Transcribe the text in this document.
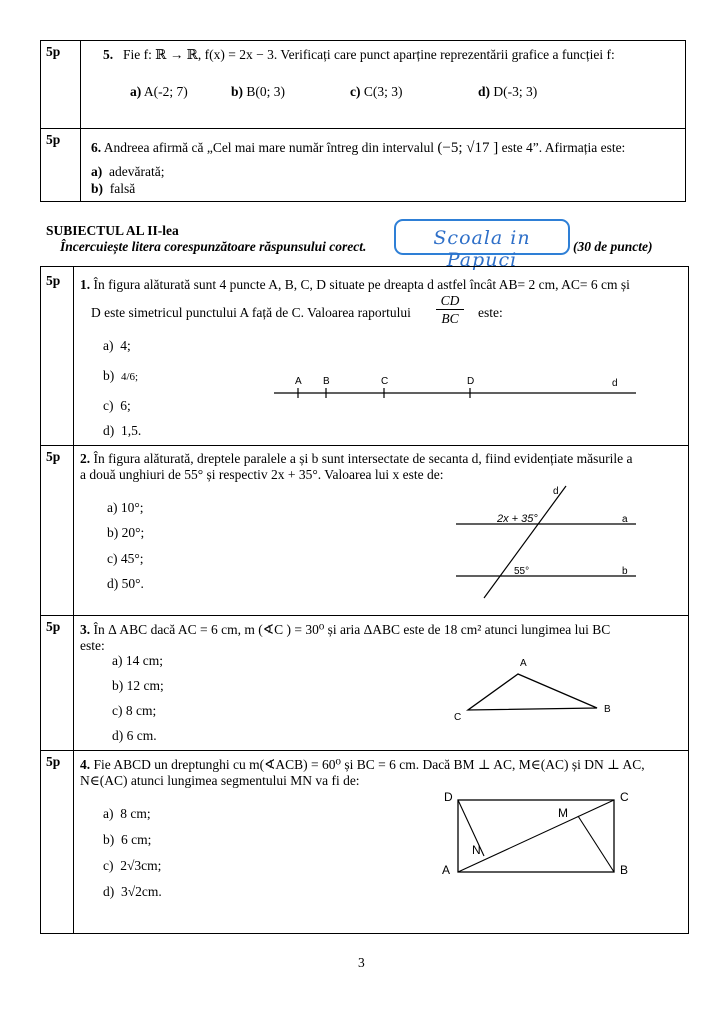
5p	5. Fie f: ℝ → ℝ, f(x) = 2x − 3. Verificați care punct aparține reprezentării grafice a funcției f:
a) A(-2; 7)	b) B(0; 3)	c) C(3; 3)	d) D(-3; 3)
5p
6. Andreea afirmă că „Cel mai mare număr întreg din intervalul (−5; √17 ] este 4”. Afirmația este:
a) adevărată;
b) falsă
SUBIECTUL AL II-lea
Încercuiește litera corespunzătoare răspunsului corect.	Scoala in Papuci
(30 de puncte)
5p 1. În figura alăturată sunt 4 puncte A, B, C, D situate pe dreapta d astfel încât AB= 2 cm, AC= 6 cm și
D este simetricul punctului A față de C. Valoarea raportului $\frac{CD}{BC}$ este:
a) 4;
b) 4/6;
c) 6;
d) 1,5.
A B	C	D	d
5p 2. În figura alăturată, dreptele paralele a și b sunt intersectate de secanta d, fiind evidențiate măsurile a
a două unghiuri de 55° și respectiv 2x + 35°. Valoarea lui x este de:
a) 10°;
b) 20°;
c) 45°;
d) 50°.
d
a
b
2x + 35°
55°
5p 3. În Δ ABC dacă AC = 6 cm, m (∢C ) = 30⁰ și aria ΔABC este de 18 cm² atunci lungimea lui BC
este:
a) 14 cm;
b) 12 cm;
c) 8 cm;
d) 6 cm.
A
B
C
5p 4. Fie ABCD un dreptunghi cu m(∢ACB) = 60⁰ și BC = 6 cm. Dacă BM ⊥ AC, M∈(AC) și DN ⊥ AC,
N∈(AC) atunci lungimea segmentului MN va fi de:
a) 8 cm;
b) 6 cm;
c) 2√3cm;
d) 3√2cm.
D	C
A	B
M
N
3
